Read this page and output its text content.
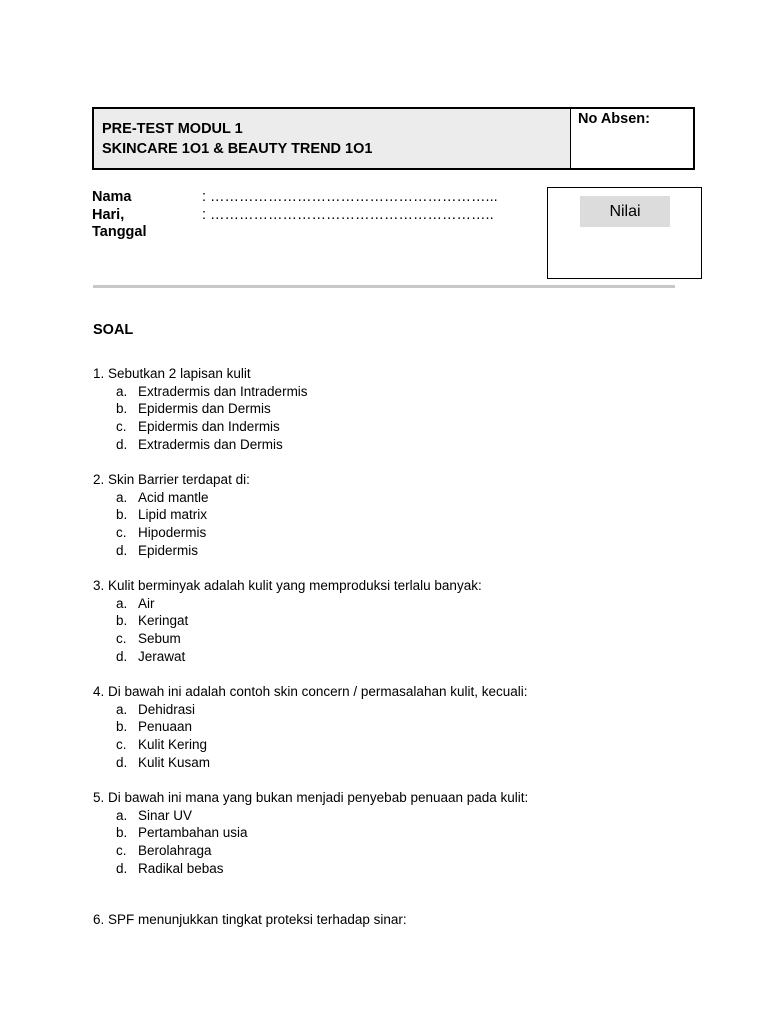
PRE-TEST MODUL 1
SKINCARE 1O1 & BEAUTY TREND 1O1
No Absen:
Nama	: …………………………………………………...
Hari,	: …………………………………………………..
Tanggal
Nilai
SOAL
1. Sebutkan 2 lapisan kulit
a. Extradermis dan Intradermis
b. Epidermis dan Dermis
c. Epidermis dan Indermis
d. Extradermis dan Dermis
2. Skin Barrier terdapat di:
a. Acid mantle
b. Lipid matrix
c. Hipodermis
d. Epidermis
3. Kulit berminyak adalah kulit yang memproduksi terlalu banyak:
a. Air
b. Keringat
c. Sebum
d. Jerawat
4. Di bawah ini adalah contoh skin concern / permasalahan kulit, kecuali:
a. Dehidrasi
b. Penuaan
c. Kulit Kering
d. Kulit Kusam
5. Di bawah ini mana yang bukan menjadi penyebab penuaan pada kulit:
a. Sinar UV
b. Pertambahan usia
c. Berolahraga
d. Radikal bebas
6. SPF menunjukkan tingkat proteksi terhadap sinar:
